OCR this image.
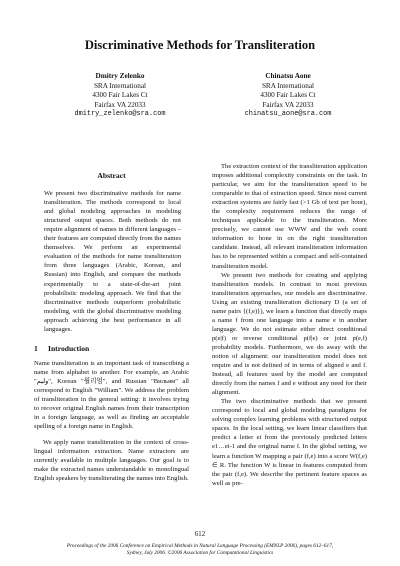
Discriminative Methods for Transliteration
Dmitry Zelenko
SRA International
4300 Fair Lakes Ct
Fairfax VA 22033
dmitry_zelenko@sra.com
Chinatsu Aone
SRA International
4300 Fair Lakes Ct
Fairfax VA 22033
chinatsu_aone@sra.com
Abstract

We present two discriminative methods for name transliteration. The methods correspond to local and global modeling approaches in modeling structured output spaces. Both methods do not require alignment of names in different languages – their features are computed directly from the names themselves. We perform an experimental evaluation of the methods for name transliteration from three languages (Arabic, Korean, and Russian) into English, and compare the methods experimentally to a state-of-the-art joint probabilistic modeling approach. We find that the discriminative methods outperform probabilistic modeling, with the global discriminative modeling approach achieving the best performance in all languages.

1 Introduction

Name transliteration is an important task of transcribing a name from alphabet to another. For example, an Arabic "وليم", Korean "윌리엄", and Russian "Вильям" all correspond to English "William". We address the problem of transliteration in the general setting: it involves trying to recover original English names from their transcription in a foreign language, as well as finding an acceptable spelling of a foreign name in English.

We apply name transliteration in the context of cross-lingual information extraction. Name extractors are currently available in multiple languages. Our goal is to make the extracted names understandable to monolingual English speakers by transliterating the names into English.

The extraction context of the transliteration application imposes additional complexity constraints on the task. In particular, we aim for the transliteration speed to be comparable to that of extraction speed. Since most current extraction systems are fairly fast (>1 Gb of text per hour), the complexity requirement reduces the range of techniques applicable to the transliteration. More precisely, we cannot use WWW and the web count information to hone in on the right transliteration candidate. Instead, all relevant transliteration information has to be represented within a compact and self-contained transliteration model.

We present two methods for creating and applying transliteration models. In contrast to most previous transliteration approaches, our models are discriminative. Using an existing transliteration dictionary D (a set of name pairs {(f,e)}), we learn a function that directly maps a name f from one language into a name e in another language. We do not estimate either direct conditional p(e|f) or reverse conditional p(f|e) or joint p(e,f) probability models. Furthermore, we do away with the notion of alignment: our transliteration model does not require and is not defined of in terms of aligned e and f. Instead, all features used by the model are computed directly from the names f and e without any need for their alignment.

The two discriminative methods that we present correspond to local and global modeling paradigms for solving complex learning problems with structured output spaces. In the local setting, we learn linear classifiers that predict a letter ei from the previously predicted letters e1…ei-1 and the original name f. In the global setting, we learn a function W mapping a pair (f,e) into a score W(f,e) ∈ R. The function W is linear in features computed from the pair (f,e). We describe the pertinent feature spaces as well as pre-

612
Proceedings of the 2006 Conference on Empirical Methods in Natural Language Processing (EMNLP 2006), pages 612–617,
Sydney, July 2006. ©2006 Association for Computational Linguistics
